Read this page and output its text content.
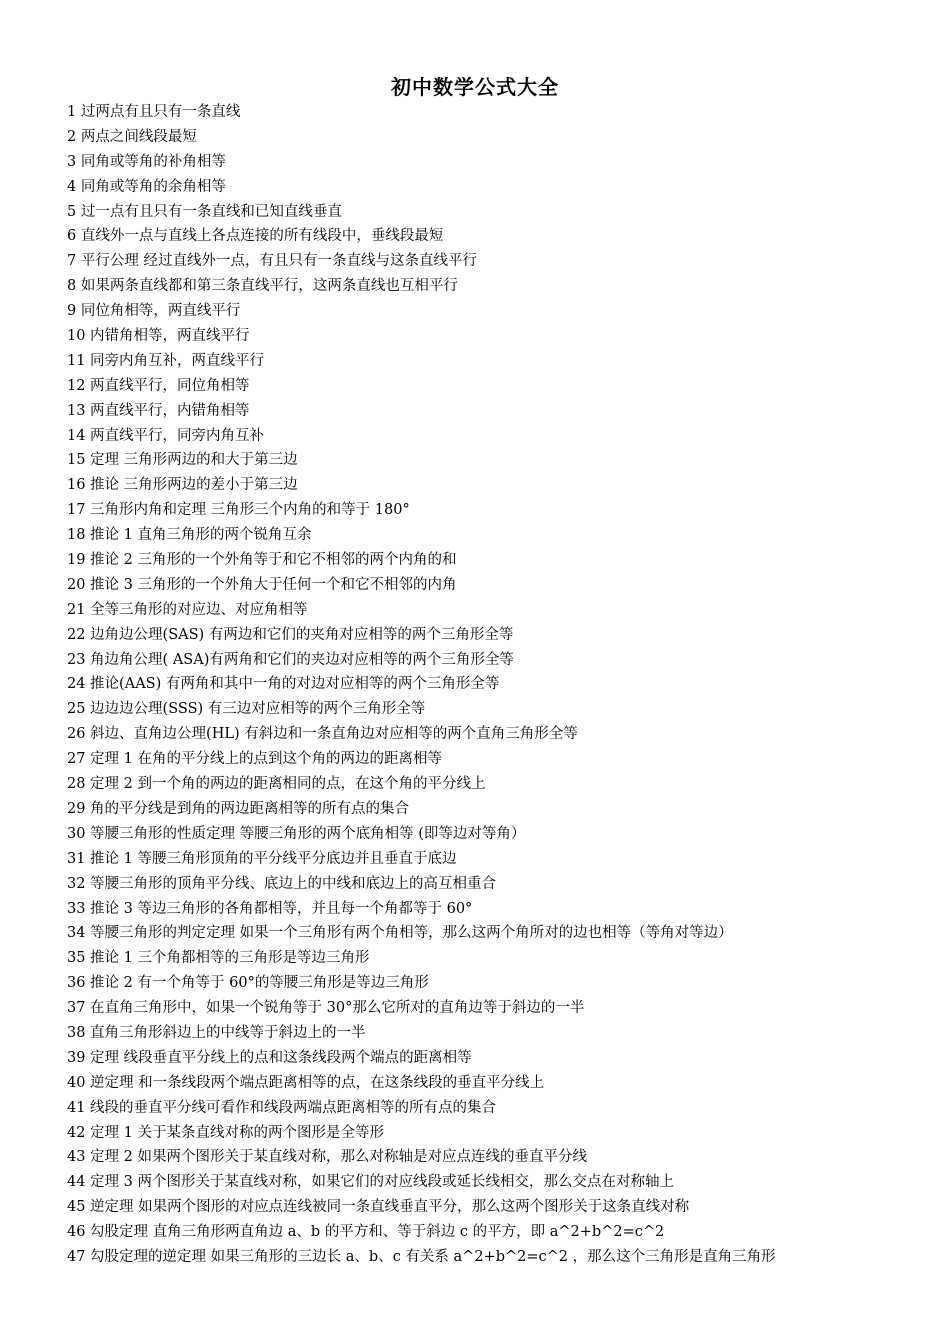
初中数学公式大全
1 过两点有且只有一条直线
2 两点之间线段最短
3 同角或等角的补角相等
4 同角或等角的余角相等
5 过一点有且只有一条直线和已知直线垂直
6 直线外一点与直线上各点连接的所有线段中，垂线段最短
7 平行公理 经过直线外一点，有且只有一条直线与这条直线平行
8 如果两条直线都和第三条直线平行，这两条直线也互相平行
9 同位角相等，两直线平行
10 内错角相等，两直线平行
11 同旁内角互补，两直线平行
12 两直线平行，同位角相等
13 两直线平行，内错角相等
14 两直线平行，同旁内角互补
15 定理 三角形两边的和大于第三边
16 推论 三角形两边的差小于第三边
17 三角形内角和定理 三角形三个内角的和等于 180°
18 推论 1 直角三角形的两个锐角互余
19 推论 2 三角形的一个外角等于和它不相邻的两个内角的和
20 推论 3 三角形的一个外角大于任何一个和它不相邻的内角
21 全等三角形的对应边、对应角相等
22 边角边公理(SAS) 有两边和它们的夹角对应相等的两个三角形全等
23 角边角公理( ASA)有两角和它们的夹边对应相等的两个三角形全等
24 推论(AAS) 有两角和其中一角的对边对应相等的两个三角形全等
25 边边边公理(SSS) 有三边对应相等的两个三角形全等
26 斜边、直角边公理(HL) 有斜边和一条直角边对应相等的两个直角三角形全等
27 定理 1 在角的平分线上的点到这个角的两边的距离相等
28 定理 2 到一个角的两边的距离相同的点，在这个角的平分线上
29 角的平分线是到角的两边距离相等的所有点的集合
30 等腰三角形的性质定理 等腰三角形的两个底角相等 (即等边对等角）
31 推论 1 等腰三角形顶角的平分线平分底边并且垂直于底边
32 等腰三角形的顶角平分线、底边上的中线和底边上的高互相重合
33 推论 3 等边三角形的各角都相等，并且每一个角都等于 60°
34 等腰三角形的判定定理 如果一个三角形有两个角相等，那么这两个角所对的边也相等（等角对等边）
35 推论 1 三个角都相等的三角形是等边三角形
36 推论 2 有一个角等于 60°的等腰三角形是等边三角形
37 在直角三角形中，如果一个锐角等于 30°那么它所对的直角边等于斜边的一半
38 直角三角形斜边上的中线等于斜边上的一半
39 定理 线段垂直平分线上的点和这条线段两个端点的距离相等
40 逆定理 和一条线段两个端点距离相等的点，在这条线段的垂直平分线上
41 线段的垂直平分线可看作和线段两端点距离相等的所有点的集合
42 定理 1 关于某条直线对称的两个图形是全等形
43 定理 2 如果两个图形关于某直线对称，那么对称轴是对应点连线的垂直平分线
44 定理 3 两个图形关于某直线对称，如果它们的对应线段或延长线相交，那么交点在对称轴上
45 逆定理 如果两个图形的对应点连线被同一条直线垂直平分，那么这两个图形关于这条直线对称
46 勾股定理 直角三角形两直角边 a、b 的平方和、等于斜边 c 的平方，即 a^2+b^2=c^2
47 勾股定理的逆定理 如果三角形的三边长 a、b、c 有关系 a^2+b^2=c^2 ，那么这个三角形是直角三角形
